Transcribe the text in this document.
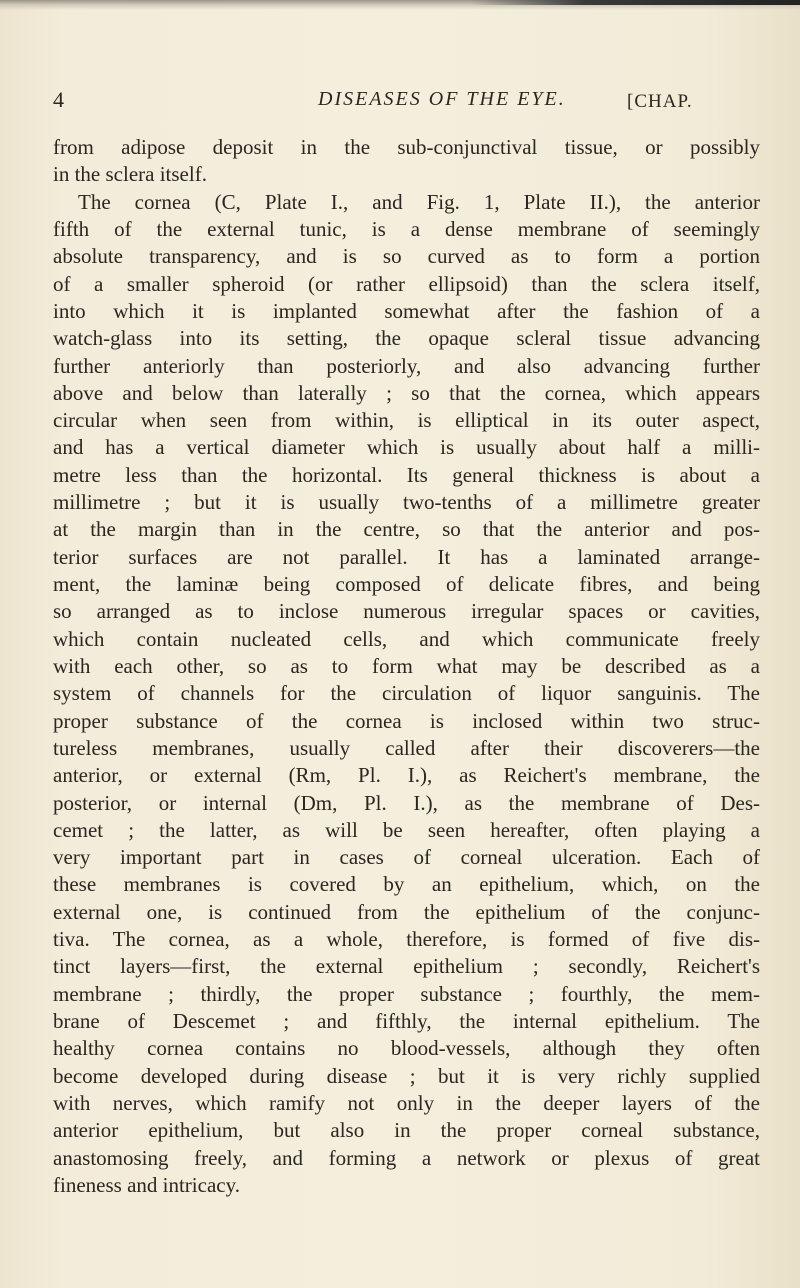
4	DISEASES OF THE EYE.	[CHAP.
from adipose deposit in the sub-conjunctival tissue, or possibly
in the sclera itself.
The cornea (C, Plate I., and Fig. 1, Plate II.), the anterior
fifth of the external tunic, is a dense membrane of seemingly
absolute transparency, and is so curved as to form a portion
of a smaller spheroid (or rather ellipsoid) than the sclera itself,
into which it is implanted somewhat after the fashion of a
watch-glass into its setting, the opaque scleral tissue advancing
further anteriorly than posteriorly, and also advancing further
above and below than laterally ; so that the cornea, which appears
circular when seen from within, is elliptical in its outer aspect,
and has a vertical diameter which is usually about half a milli-
metre less than the horizontal. Its general thickness is about a
millimetre ; but it is usually two-tenths of a millimetre greater
at the margin than in the centre, so that the anterior and pos-
terior surfaces are not parallel. It has a laminated arrange-
ment, the laminæ being composed of delicate fibres, and being
so arranged as to inclose numerous irregular spaces or cavities,
which contain nucleated cells, and which communicate freely
with each other, so as to form what may be described as a
system of channels for the circulation of liquor sanguinis. The
proper substance of the cornea is inclosed within two struc-
tureless membranes, usually called after their discoverers—the
anterior, or external (Rm, Pl. I.), as Reichert's membrane, the
posterior, or internal (Dm, Pl. I.), as the membrane of Des-
cemet ; the latter, as will be seen hereafter, often playing a
very important part in cases of corneal ulceration. Each of
these membranes is covered by an epithelium, which, on the
external one, is continued from the epithelium of the conjunc-
tiva. The cornea, as a whole, therefore, is formed of five dis-
tinct layers—first, the external epithelium ; secondly, Reichert's
membrane ; thirdly, the proper substance ; fourthly, the mem-
brane of Descemet ; and fifthly, the internal epithelium. The
healthy cornea contains no blood-vessels, although they often
become developed during disease ; but it is very richly supplied
with nerves, which ramify not only in the deeper layers of the
anterior epithelium, but also in the proper corneal substance,
anastomosing freely, and forming a network or plexus of great
fineness and intricacy.
